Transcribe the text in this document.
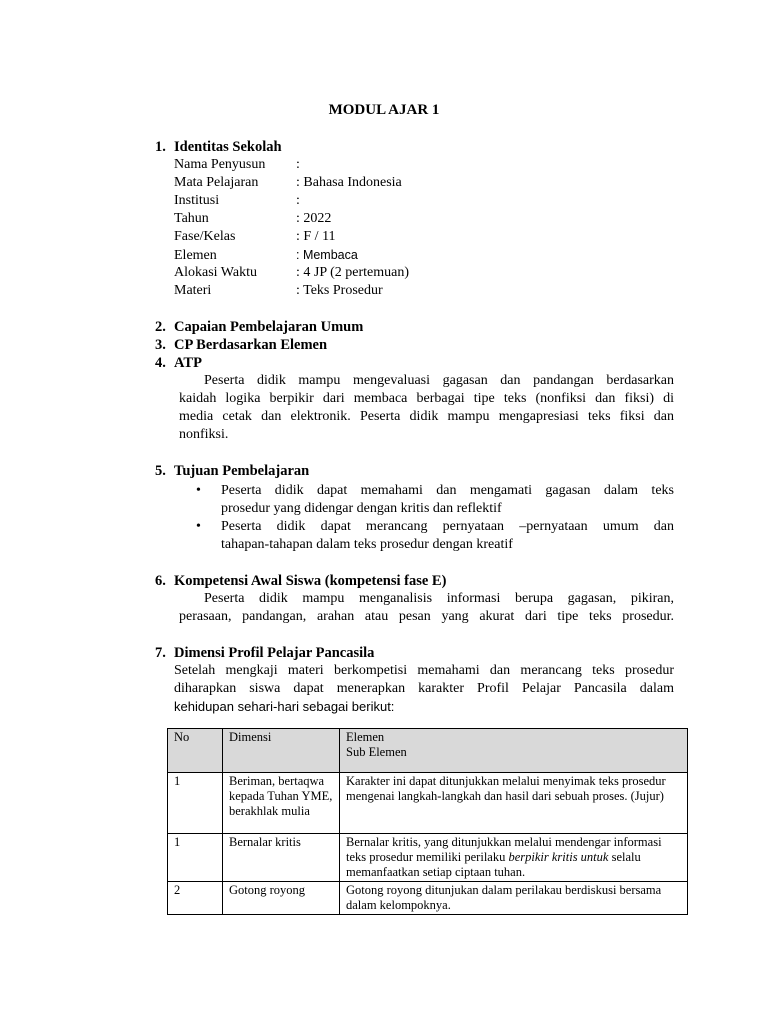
MODUL AJAR 1
1. Identitas Sekolah
Nama Penyusun :
Mata Pelajaran	: Bahasa Indonesia
Institusi	:
Tahun	: 2022
Fase/Kelas	: F / 11
Elemen	: Membaca
Alokasi Waktu	: 4 JP (2 pertemuan)
Materi	: Teks Prosedur
2. Capaian Pembelajaran Umum
3. CP Berdasarkan Elemen
4. ATP
Peserta didik mampu mengevaluasi gagasan dan pandangan berdasarkan
kaidah logika berpikir dari membaca berbagai tipe teks (nonfiksi dan fiksi) di
media cetak dan elektronik. Peserta didik mampu mengapresiasi teks fiksi dan
nonfiksi.
5. Tujuan Pembelajaran
• Peserta didik dapat memahami dan mengamati gagasan dalam teks
prosedur yang didengar dengan kritis dan reflektif
• Peserta didik dapat merancang pernyataan –pernyataan umum dan
tahapan-tahapan dalam teks prosedur dengan kreatif
6. Kompetensi Awal Siswa (kompetensi fase E)
Peserta didik mampu menganalisis informasi berupa gagasan, pikiran,
perasaan, pandangan, arahan atau pesan yang akurat dari tipe teks prosedur.
7. Dimensi Profil Pelajar Pancasila
Setelah mengkaji materi berkompetisi memahami dan merancang teks prosedur
diharapkan siswa dapat menerapkan karakter Profil Pelajar Pancasila dalam
kehidupan sehari-hari sebagai berikut:
No	Dimensi	Elemen
Sub Elemen
1	Beriman, bertaqwa kepada Tuhan YME, berakhlak mulia	Karakter ini dapat ditunjukkan melalui menyimak teks prosedur mengenai langkah-langkah dan hasil dari sebuah proses. (Jujur)
1	Bernalar kritis	Bernalar kritis, yang ditunjukkan melalui mendengar informasi teks prosedur memiliki perilaku berpikir kritis untuk selalu memanfaatkan setiap ciptaan tuhan.
2	Gotong royong	Gotong royong ditunjukan dalam perilakau berdiskusi bersama dalam kelompoknya.
